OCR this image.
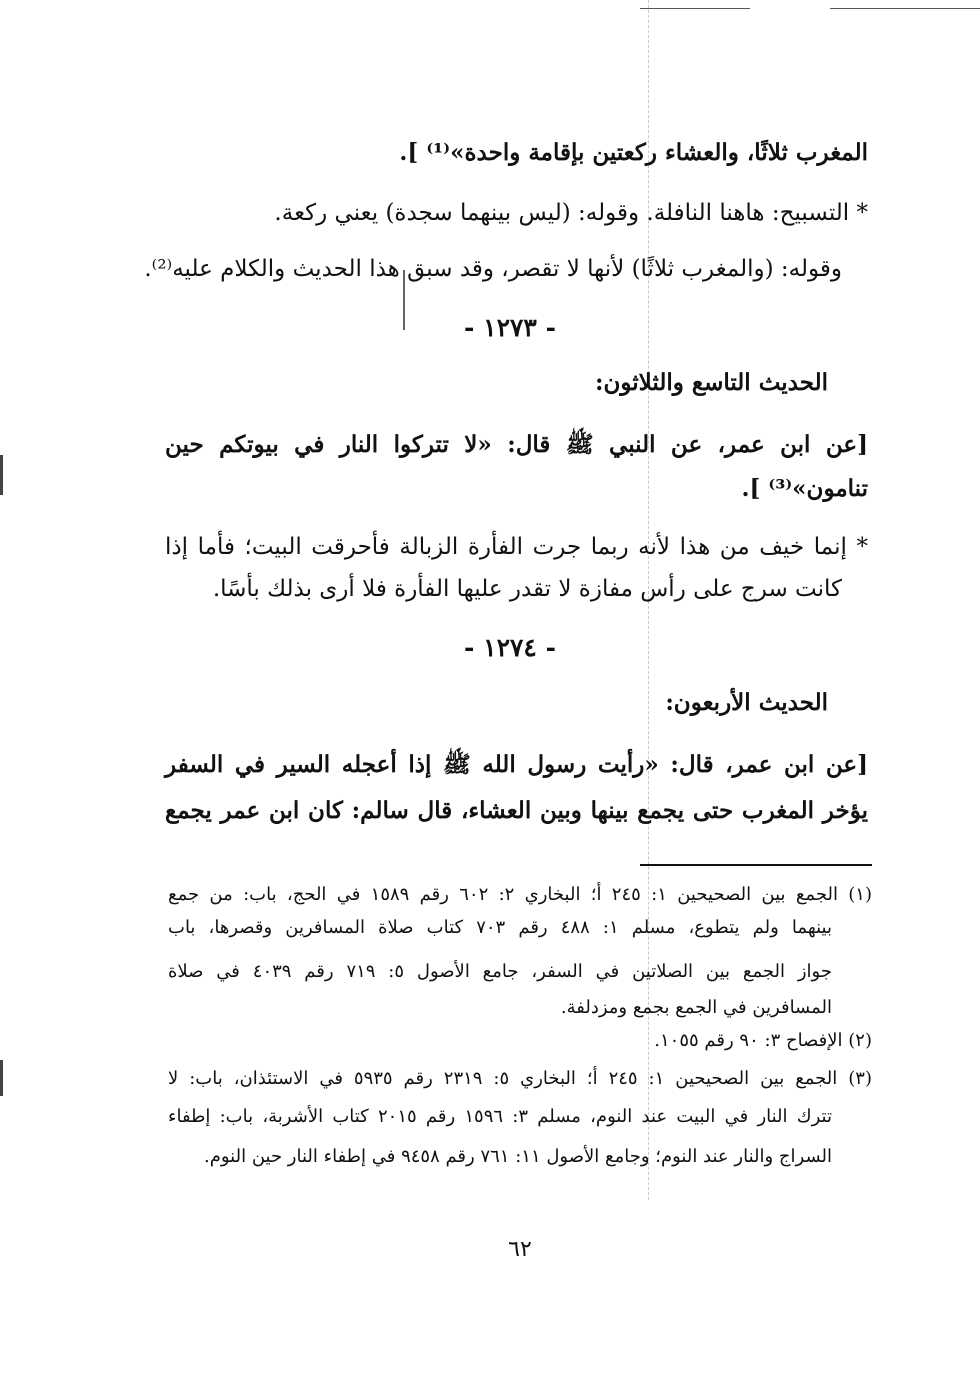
المغرب ثلاثًا، والعشاء ركعتين بإقامة واحدة»⁽¹⁾ ].
* التسبيح: هاهنا النافلة. وقوله: (ليس بينهما سجدة) يعني ركعة.
وقوله: (والمغرب ثلاثًا) لأنها لا تقصر، وقد سبق هذا الحديث والكلام عليه⁽²⁾.
- ١٢٧٣ -
الحديث التاسع والثلاثون:
[عن ابن عمر، عن النبي ﷺ قال: «لا تتركوا النار في بيوتكم حين
تنامون»⁽³⁾ ].
* إنما خيف من هذا لأنه ربما جرت الفأرة الزبالة فأحرقت البيت؛ فأما إذا
كانت سرج على رأس مفازة لا تقدر عليها الفأرة فلا أرى بذلك بأسًا.
- ١٢٧٤ -
الحديث الأربعون:
[عن ابن عمر، قال: «رأيت رسول الله ﷺ إذا أعجله السير في السفر
يؤخر المغرب حتى يجمع بينها وبين العشاء، قال سالم: كان ابن عمر يجمع
(١) الجمع بين الصحيحين ١: ٢٤٥ أ؛ البخاري ٢: ٦٠٢ رقم ١٥٨٩ في الحج، باب: من جمع
بينهما ولم يتطوع، مسلم ١: ٤٨٨ رقم ٧٠٣ كتاب صلاة المسافرين وقصرها، باب
جواز الجمع بين الصلاتين في السفر، جامع الأصول ٥: ٧١٩ رقم ٤٠٣٩ في صلاة
المسافرين في الجمع بجمع ومزدلفة.
(٢) الإفصاح ٣: ٩٠ رقم ١٠٥٥.
(٣) الجمع بين الصحيحين ١: ٢٤٥ أ؛ البخاري ٥: ٢٣١٩ رقم ٥٩٣٥ في الاستئذان، باب: لا
تترك النار في البيت عند النوم، مسلم ٣: ١٥٩٦ رقم ٢٠١٥ كتاب الأشربة، باب: إطفاء
السراج والنار عند النوم؛ وجامع الأصول ١١: ٧٦١ رقم ٩٤٥٨ في إطفاء النار حين النوم.
٦٢
